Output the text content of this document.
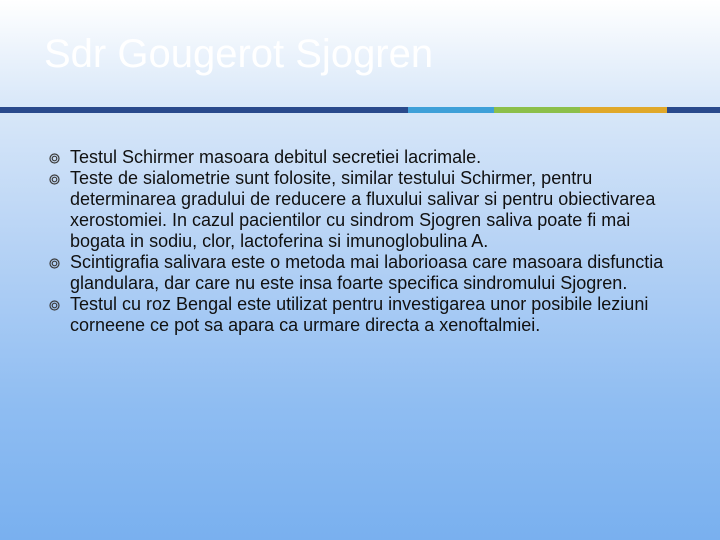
Sdr Gougerot Sjogren
Testul Schirmer masoara debitul secretiei lacrimale.
Teste de sialometrie sunt folosite, similar testului Schirmer, pentru determinarea gradului de reducere a fluxului salivar si pentru obiectivarea xerostomiei. In cazul pacientilor cu sindrom Sjogren saliva poate fi mai bogata in sodiu, clor, lactoferina si imunoglobulina A.
Scintigrafia salivara este o metoda mai laborioasa care masoara disfunctia glandulara, dar care nu este insa foarte specifica sindromului Sjogren.
Testul cu roz Bengal este utilizat pentru investigarea unor posibile leziuni corneene ce pot sa apara ca urmare directa a xenoftalmiei.
